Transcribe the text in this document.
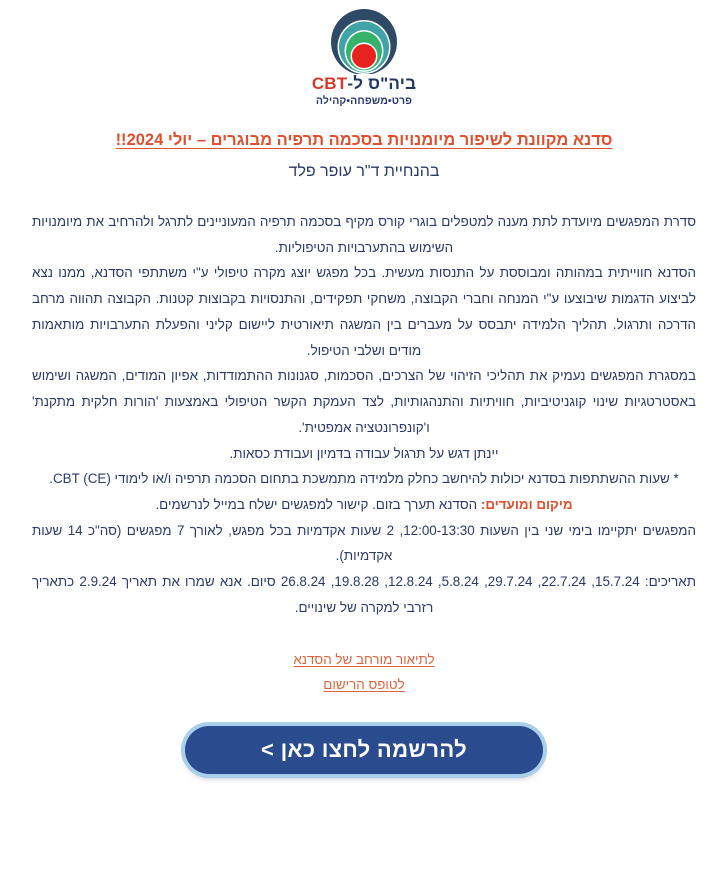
ביה"ס ל-CBT
פרט•משפחה•קהילה
סדנא מקוונת לשיפור מיומנויות בסכמה תרפיה מבוגרים – יולי 2024!!
בהנחיית ד"ר עופר פלד

סדרת המפגשים מיועדת לתת מענה למטפלים בוגרי קורס מקיף בסכמה תרפיה המעוניינים לתרגל ולהרחיב את מיומנויות השימוש בהתערבויות הטיפוליות.

הסדנא חווייתית במהותה ומבוססת על התנסות מעשית. בכל מפגש יוצג מקרה טיפולי ע"י משתתפי הסדנא, ממנו נצא לביצוע הדגמות שיבוצעו ע"י המנחה וחברי הקבוצה, משחקי תפקידים, והתנסויות בקבוצות קטנות. הקבוצה תהווה מרחב הדרכה ותרגול. תהליך הלמידה יתבסס על מעברים בין המשגה תיאורטית ליישום קליני והפעלת התערבויות מותאמות מודים ושלבי הטיפול.

במסגרת המפגשים נעמיק את תהליכי הזיהוי של הצרכים, הסכמות, סגנונות ההתמודדות, אפיון המודים, המשגה ושימוש באסטרטגיות שינוי קוגניטיביות, חוויתיות והתנהגותיות, לצד העמקת הקשר הטיפולי באמצעות 'הורות חלקית מתקנת' ו'קונפרונטציה אמפטית'.

יינתן דגש על תרגול עבודה בדמיון ועבודת כסאות.

* שעות ההשתתפות בסדנא יכולות להיחשב כחלק מלמידה מתמשכת בתחום הסכמה תרפיה ו/או לימודי CBT (CE).

מיקום ומועדים: הסדנא תערך בזום. קישור למפגשים ישלח במייל לנרשמים.

המפגשים יתקיימו בימי שני בין השעות 12:00-13:30, 2 שעות אקדמיות בכל מפגש, לאורך 7 מפגשים (סה"כ 14 שעות אקדמיות).

תאריכים: 15.7.24, 22.7.24, 29.7.24, 5.8.24, 12.8.24, 19.8.28, 26.8.24 סיום. אנא שמרו את תאריך 2.9.24 כתאריך רזרבי למקרה של שינויים.

לתיאור מורחב של הסדנא
לטופס הרישום
להרשמה לחצו כאן >
